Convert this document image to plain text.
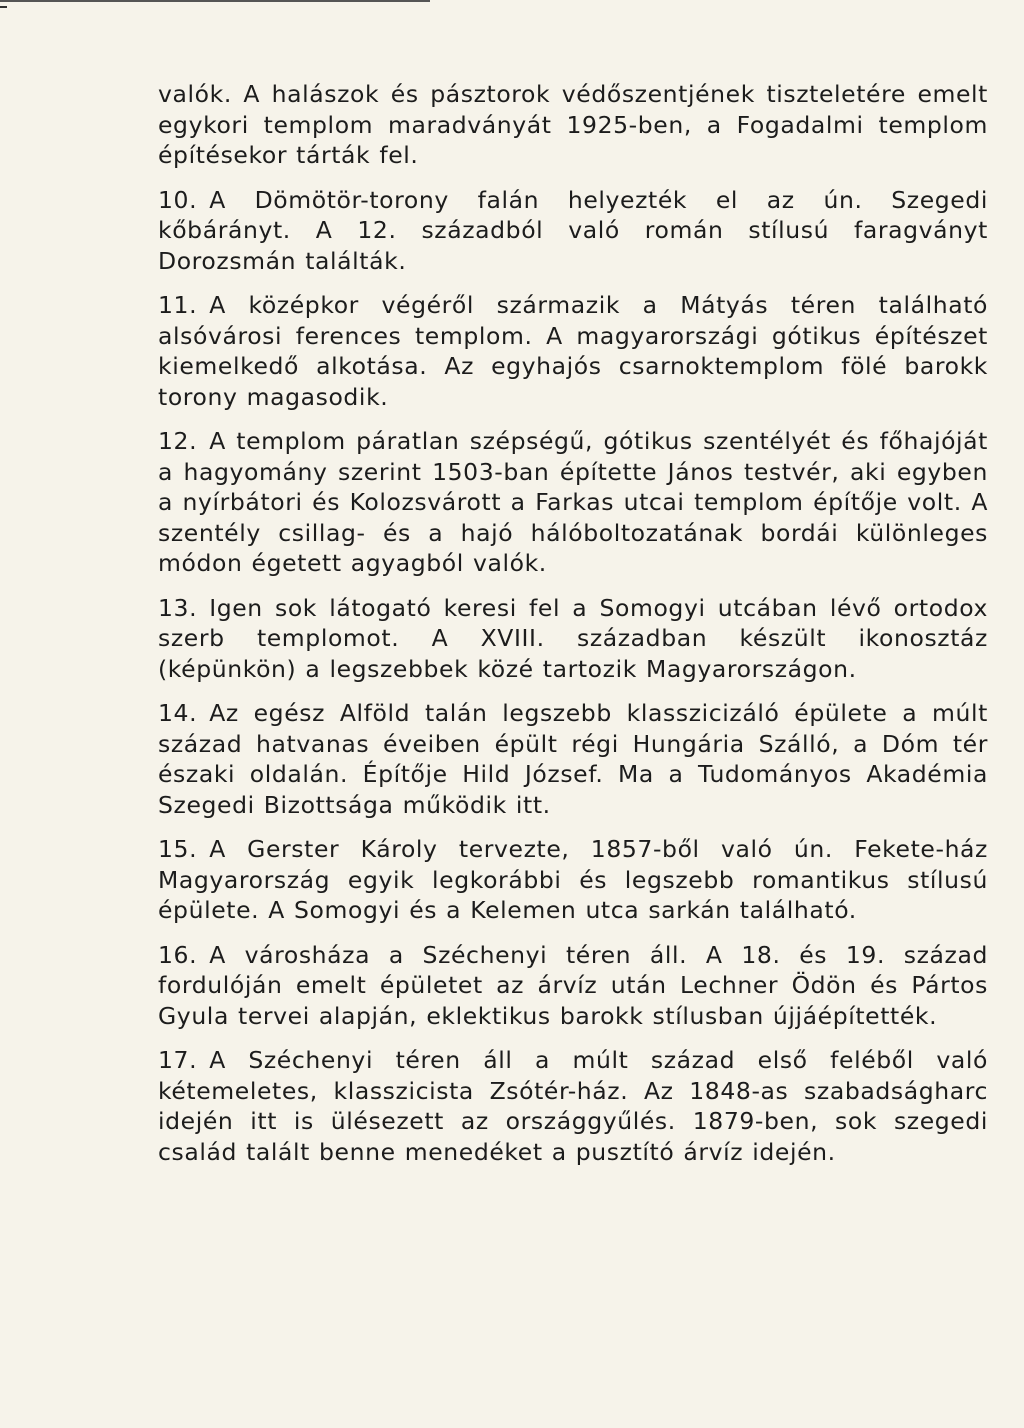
valók. A halászok és pásztorok védőszentjének tiszteletére emelt egykori templom maradványát 1925-ben, a Fogadalmi templom építésekor tárták fel.

10. A Dömötör-torony falán helyezték el az ún. Szegedi kőbárányt. A 12. századból való román stílusú faragványt Dorozsmán találták.

11. A középkor végéről származik a Mátyás téren található alsóvárosi ferences templom. A magyarországi gótikus építészet kiemelkedő alkotása. Az egyhajós csarnoktemplom fölé barokk torony magasodik.

12. A templom páratlan szépségű, gótikus szentélyét és főhajóját a hagyomány szerint 1503-ban építette János testvér, aki egyben a nyírbátori és Kolozsvárott a Farkas utcai templom építője volt. A szentély csillag- és a hajó hálóboltozatának bordái különleges módon égetett agyagból valók.

13. Igen sok látogató keresi fel a Somogyi utcában lévő ortodox szerb templomot. A XVIII. században készült ikonosztáz (képünkön) a legszebbek közé tartozik Magyarországon.

14. Az egész Alföld talán legszebb klasszicizáló épülete a múlt század hatvanas éveiben épült régi Hungária Szálló, a Dóm tér északi oldalán. Építője Hild József. Ma a Tudományos Akadémia Szegedi Bizottsága működik itt.

15. A Gerster Károly tervezte, 1857-ből való ún. Fekete-ház Magyarország egyik legkorábbi és legszebb romantikus stílusú épülete. A Somogyi és a Kelemen utca sarkán található.

16. A városháza a Széchenyi téren áll. A 18. és 19. század fordulóján emelt épületet az árvíz után Lechner Ödön és Pártos Gyula tervei alapján, eklektikus barokk stílusban újjáépítették.

17. A Széchenyi téren áll a múlt század első feléből való kétemeletes, klasszicista Zsótér-ház. Az 1848-as szabadságharc idején itt is ülésezett az országgyűlés. 1879-ben, sok szegedi család talált benne menedéket a pusztító árvíz idején.
